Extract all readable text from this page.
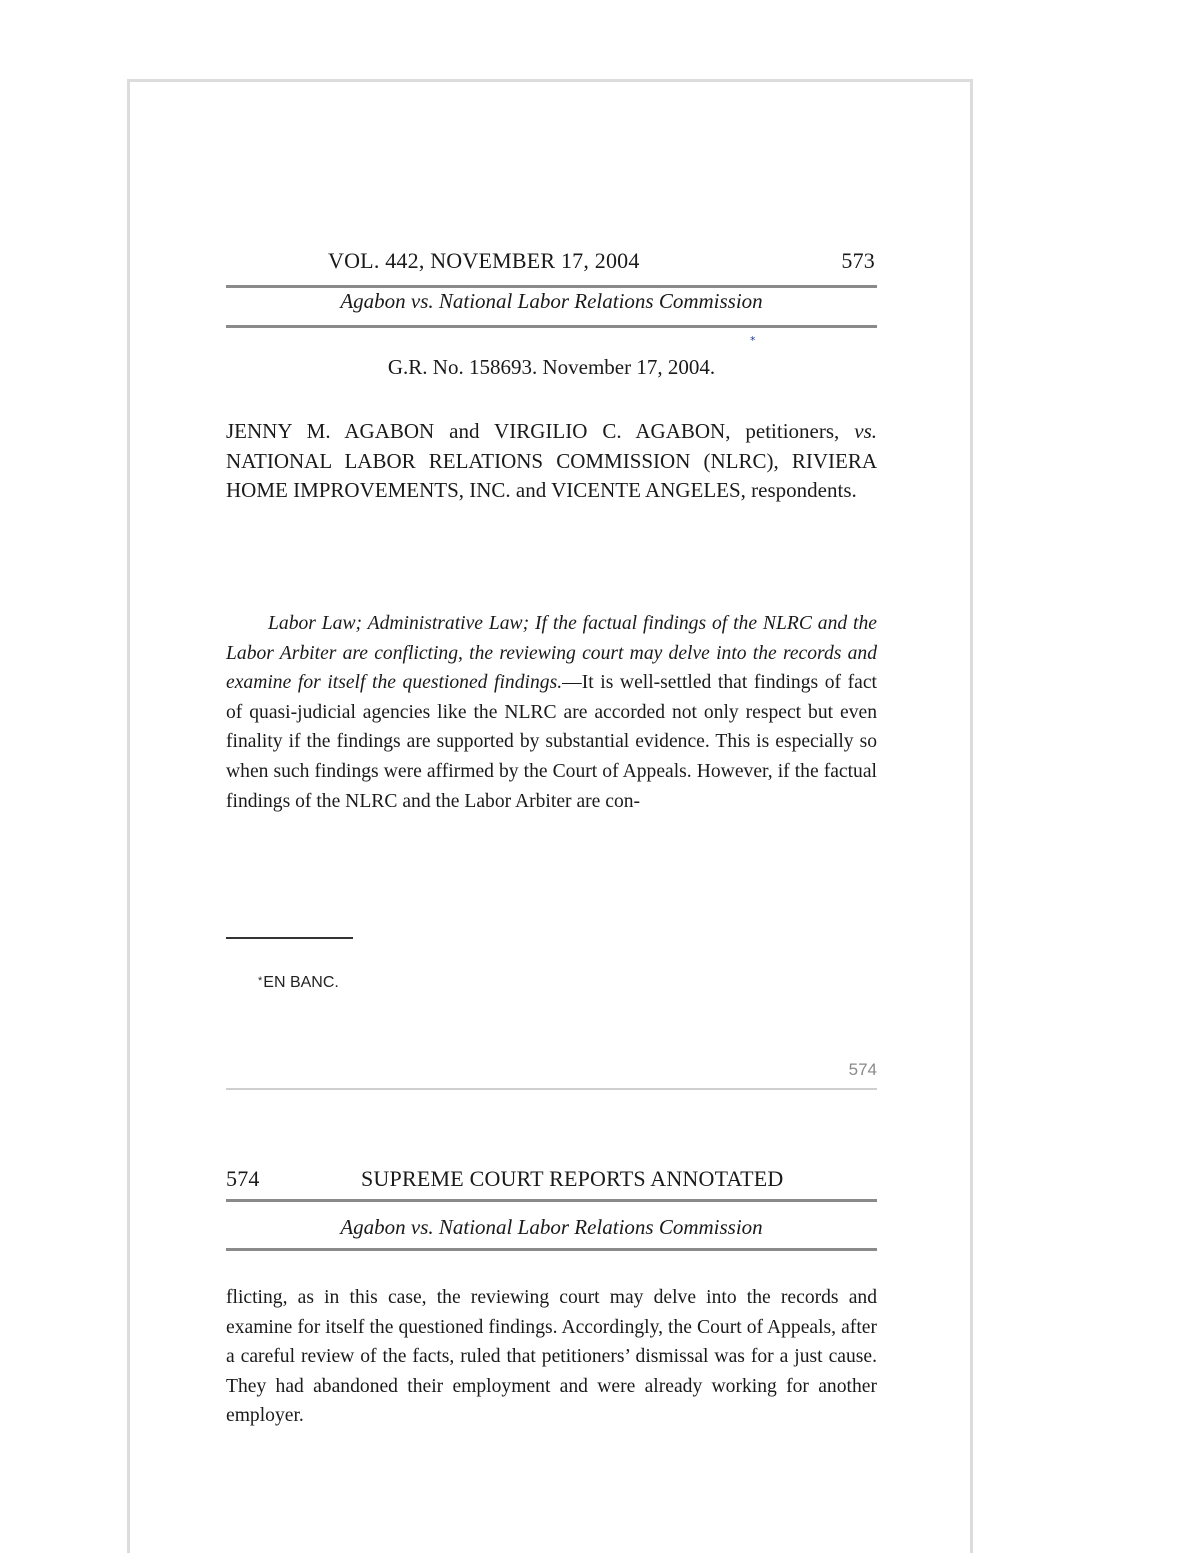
VOL. 442, NOVEMBER 17, 2004	573
Agabon vs. National Labor Relations Commission
*
G.R. No. 158693. November 17, 2004.
JENNY M. AGABON and VIRGILIO C. AGABON, petitioners, vs. NATIONAL LABOR RELATIONS COMMISSION (NLRC), RIVIERA HOME IMPROVEMENTS, INC. and VICENTE ANGELES, respondents.

Labor Law; Administrative Law; If the factual findings of the NLRC and the Labor Arbiter are conflicting, the reviewing court may delve into the records and examine for itself the questioned findings.—It is well-settled that findings of fact of quasi-judicial agencies like the NLRC are accorded not only respect but even finality if the findings are supported by substantial evidence. This is especially so when such findings were affirmed by the Court of Appeals. However, if the factual findings of the NLRC and the Labor Arbiter are con-

*EN BANC.
574
574	SUPREME COURT REPORTS ANNOTATED
Agabon vs. National Labor Relations Commission

flicting, as in this case, the reviewing court may delve into the records and examine for itself the questioned findings. Accordingly, the Court of Appeals, after a careful review of the facts, ruled that petitioners’ dismissal was for a just cause. They had abandoned their employment and were already working for another employer.
